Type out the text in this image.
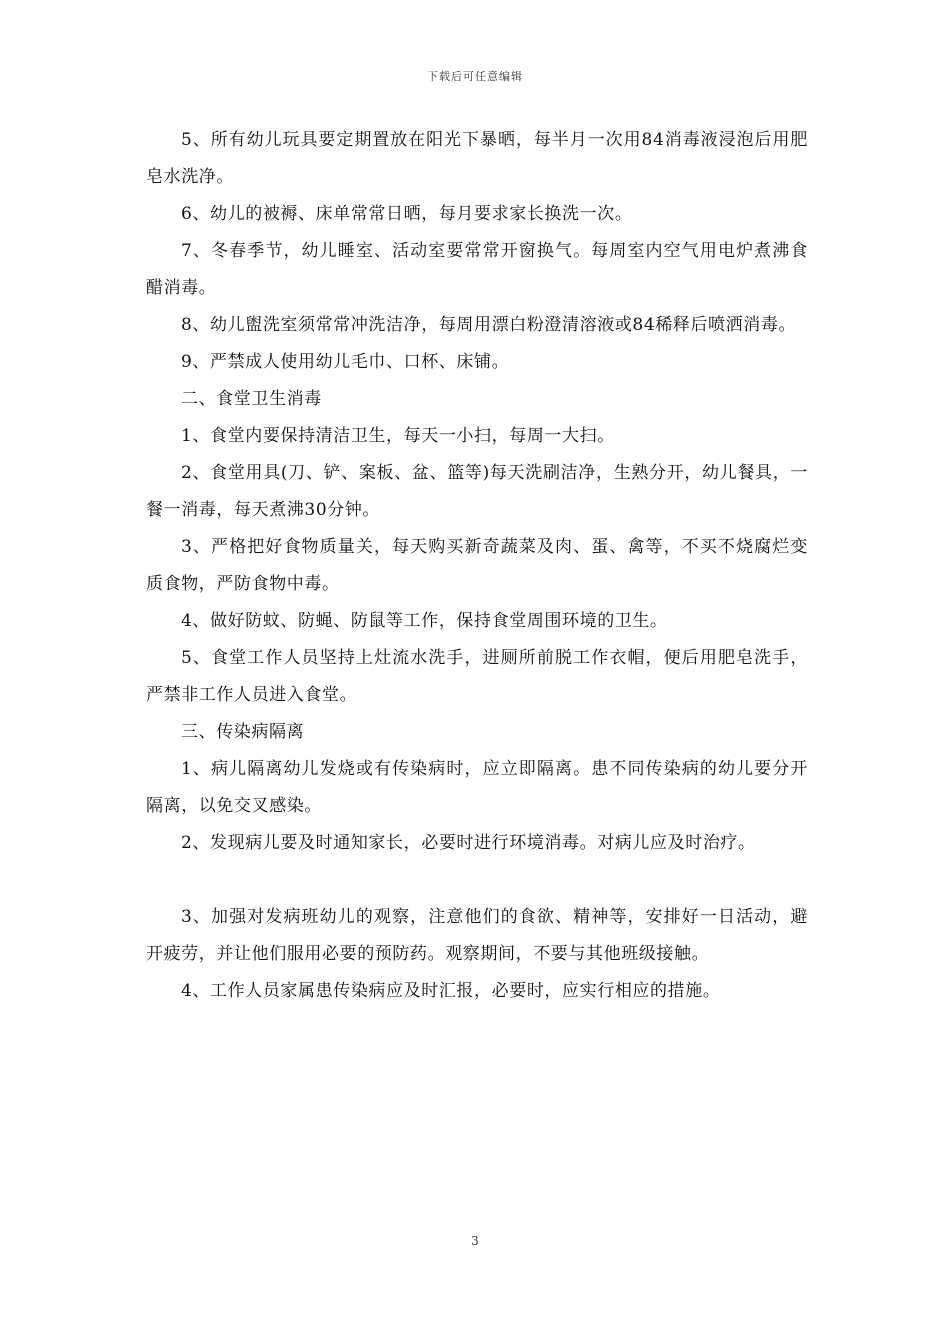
下载后可任意编辑

5、所有幼儿玩具要定期置放在阳光下暴晒，每半月一次用84消毒液浸泡后用肥皂水洗净。

6、幼儿的被褥、床单常常日晒，每月要求家长换洗一次。

7、冬春季节，幼儿睡室、活动室要常常开窗换气。每周室内空气用电炉煮沸食醋消毒。

8、幼儿盥洗室须常常冲洗洁净，每周用漂白粉澄清溶液或84稀释后喷洒消毒。

9、严禁成人使用幼儿毛巾、口杯、床铺。

二、食堂卫生消毒

1、食堂内要保持清洁卫生，每天一小扫，每周一大扫。

2、食堂用具(刀、铲、案板、盆、篮等)每天洗刷洁净，生熟分开，幼儿餐具，一餐一消毒，每天煮沸30分钟。

3、严格把好食物质量关，每天购买新奇蔬菜及肉、蛋、禽等，不买不烧腐烂变质食物，严防食物中毒。

4、做好防蚊、防蝇、防鼠等工作，保持食堂周围环境的卫生。

5、食堂工作人员坚持上灶流水洗手，进厕所前脱工作衣帽，便后用肥皂洗手，严禁非工作人员进入食堂。

三、传染病隔离

1、病儿隔离幼儿发烧或有传染病时，应立即隔离。患不同传染病的幼儿要分开隔离，以免交叉感染。

2、发现病儿要及时通知家长，必要时进行环境消毒。对病儿应及时治疗。

3、加强对发病班幼儿的观察，注意他们的食欲、精神等，安排好一日活动，避开疲劳，并让他们服用必要的预防药。观察期间，不要与其他班级接触。

4、工作人员家属患传染病应及时汇报，必要时，应实行相应的措施。

3
